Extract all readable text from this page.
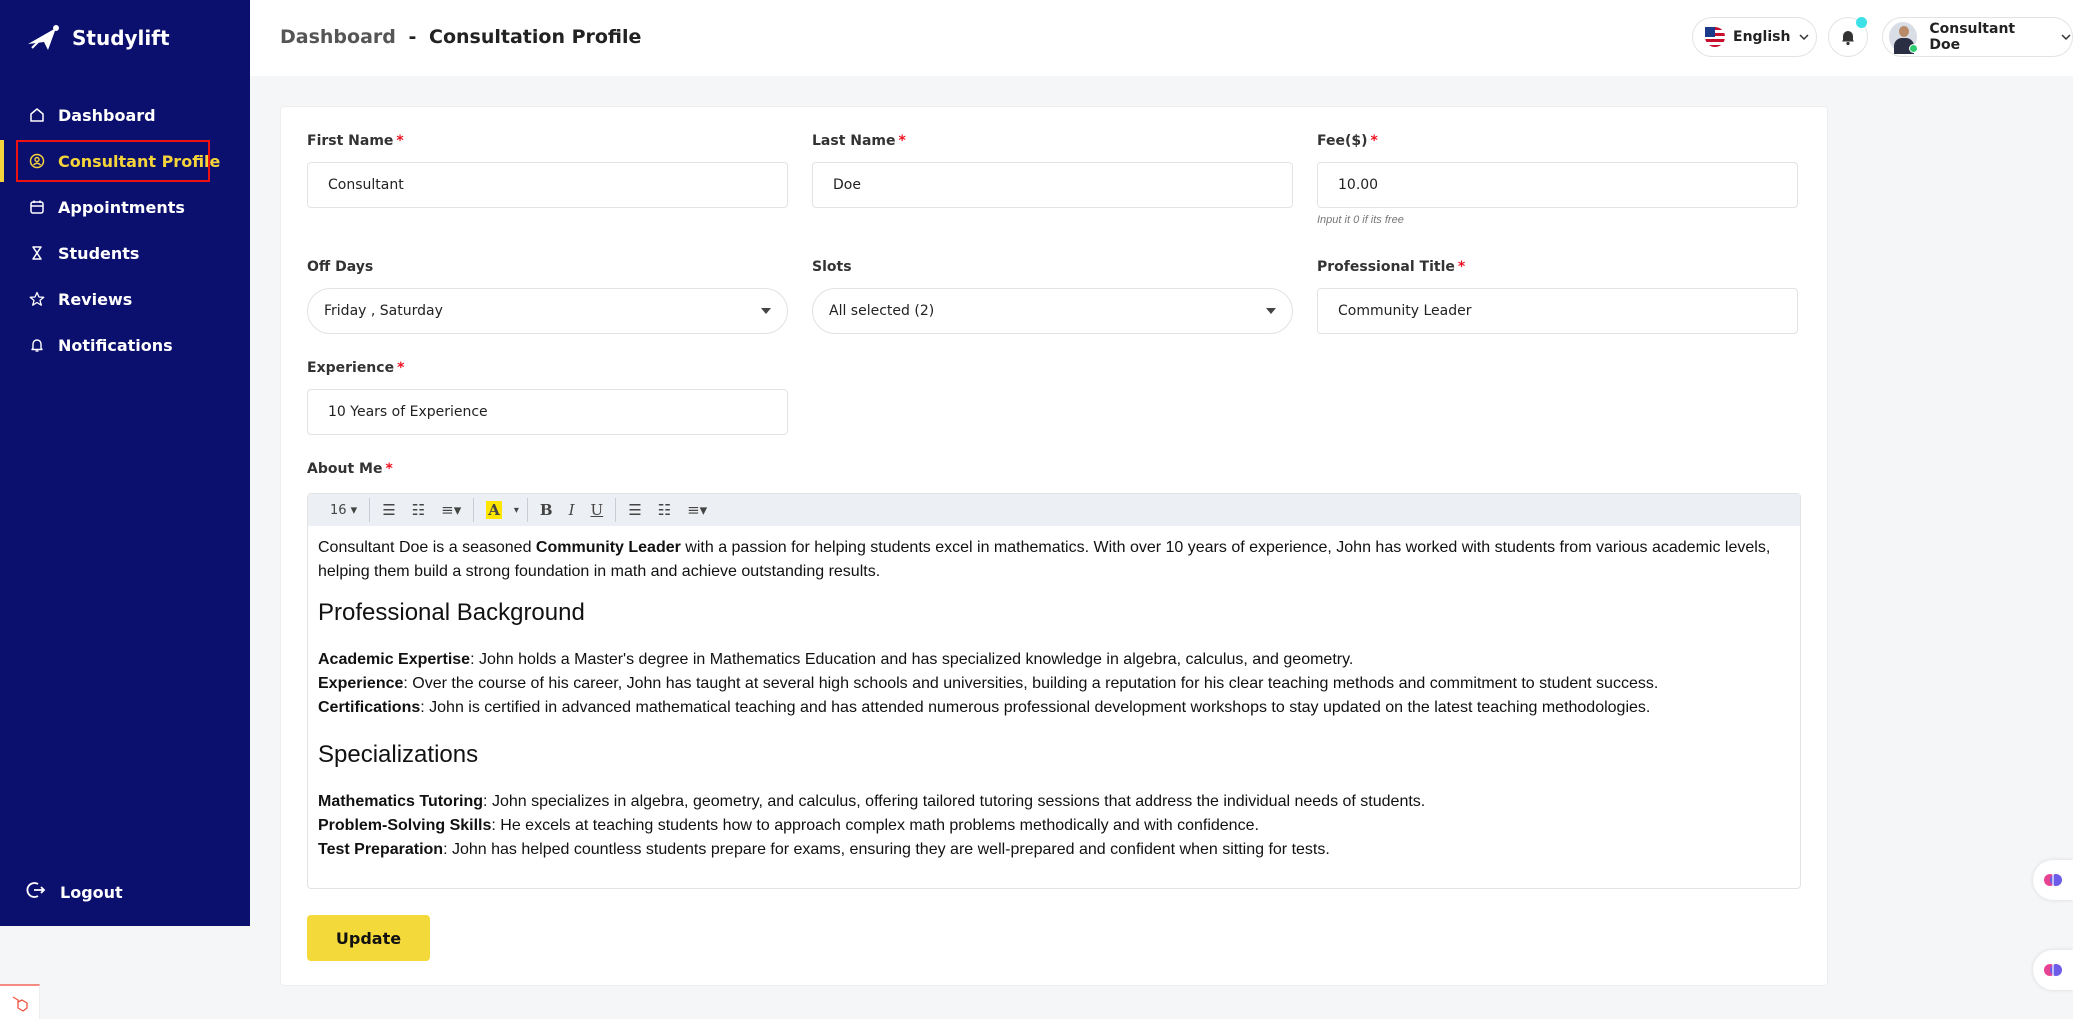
Studylift
Dashboard
Consultant Profile
Appointments
Students
Reviews
Notifications
Logout
Dashboard - Consultation Profile	English	Consultant Doe
First Name *
Consultant
Last Name *
Doe
Fee($) *
10.00
Input it 0 if its free
Off Days
Friday , Saturday
Slots
All selected (2)
Professional Title *
Community Leader
Experience *
10 Years of Experience
About Me *
16 ▾	☰	☷	≡▾	A	▾	B	I	U	☰	☷	≡▾

Consultant Doe is a seasoned Community Leader with a passion for helping students excel in mathematics. With over 10 years of experience, John has worked with students from various academic levels, helping them build a strong foundation in math and achieve outstanding results.

Professional Background

Academic Expertise: John holds a Master's degree in Mathematics Education and has specialized knowledge in algebra, calculus, and geometry.

Experience: Over the course of his career, John has taught at several high schools and universities, building a reputation for his clear teaching methods and commitment to student success.

Certifications: John is certified in advanced mathematical teaching and has attended numerous professional development workshops to stay updated on the latest teaching methodologies.

Specializations

Mathematics Tutoring: John specializes in algebra, geometry, and calculus, offering tailored tutoring sessions that address the individual needs of students.

Problem-Solving Skills: He excels at teaching students how to approach complex math problems methodically and with confidence.

Test Preparation: John has helped countless students prepare for exams, ensuring they are well-prepared and confident when sitting for tests.

Update
